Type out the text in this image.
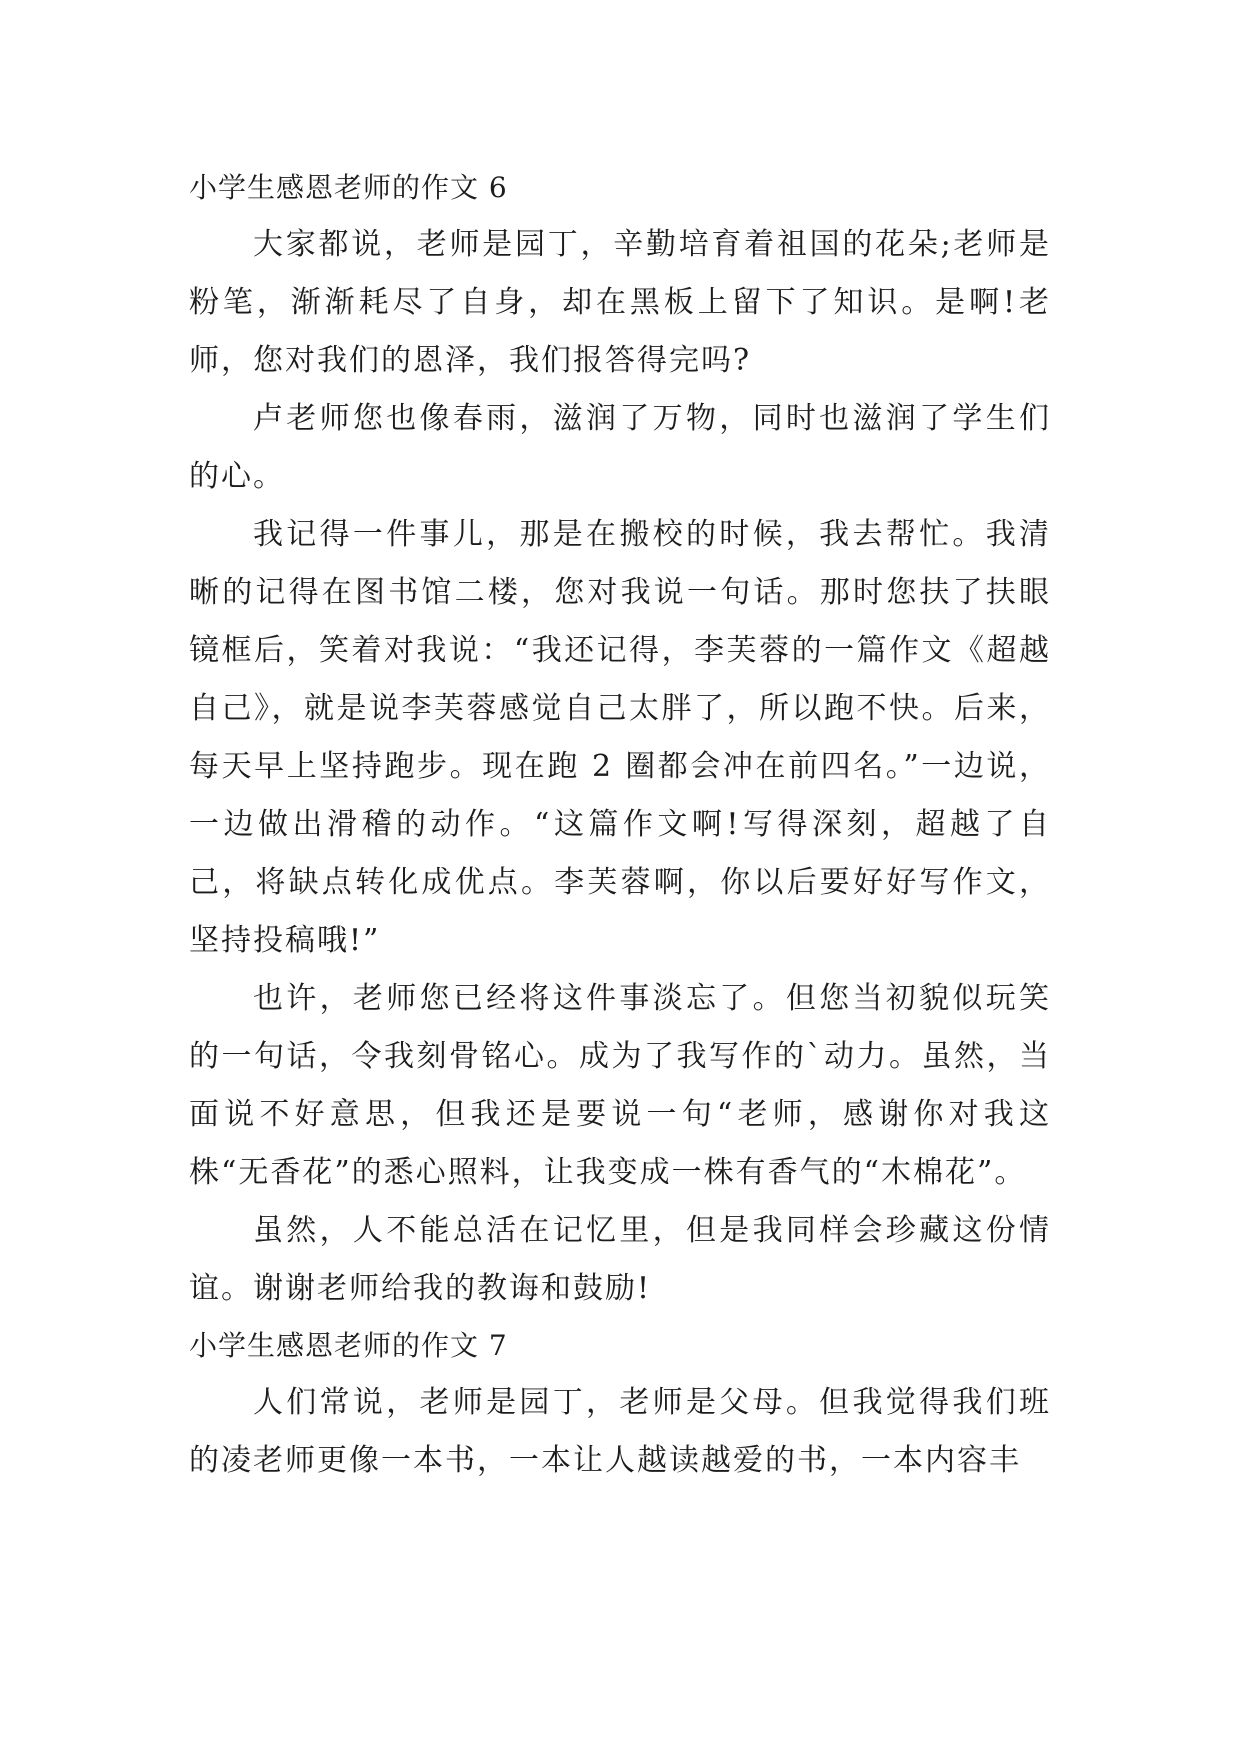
小学生感恩老师的作文 6

大家都说，老师是园丁，辛勤培育着祖国的花朵;老师是粉笔，渐渐耗尽了自身，却在黑板上留下了知识。是啊!老师，您对我们的恩泽，我们报答得完吗?

卢老师您也像春雨，滋润了万物，同时也滋润了学生们的心。

我记得一件事儿，那是在搬校的时候，我去帮忙。我清晰的记得在图书馆二楼，您对我说一句话。那时您扶了扶眼镜框后，笑着对我说：“我还记得，李芙蓉的一篇作文《超越自己》，就是说李芙蓉感觉自己太胖了，所以跑不快。后来，每天早上坚持跑步。现在跑 2 圈都会冲在前四名。”一边说，一边做出滑稽的动作。“这篇作文啊!写得深刻，超越了自己，将缺点转化成优点。李芙蓉啊，你以后要好好写作文，坚持投稿哦!”

也许，老师您已经将这件事淡忘了。但您当初貌似玩笑的一句话，令我刻骨铭心。成为了我写作的`动力。虽然，当面说不好意思，但我还是要说一句“老师，感谢你对我这株“无香花”的悉心照料，让我变成一株有香气的“木棉花”。

虽然，人不能总活在记忆里，但是我同样会珍藏这份情谊。谢谢老师给我的教诲和鼓励!

小学生感恩老师的作文 7

人们常说，老师是园丁，老师是父母。但我觉得我们班的凌老师更像一本书，一本让人越读越爱的书，一本内容丰
